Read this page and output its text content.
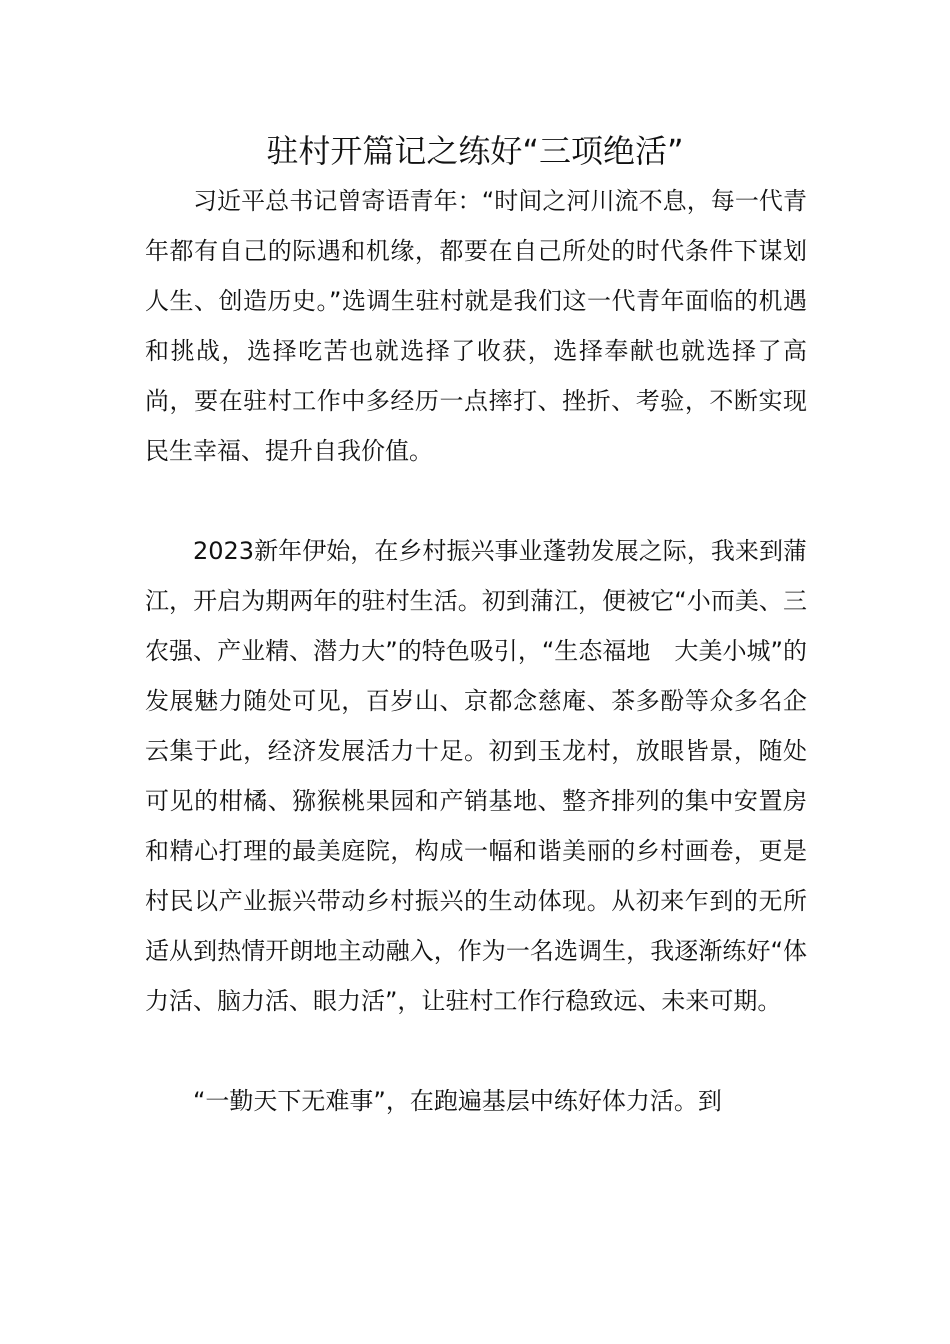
驻村开篇记之练好“三项绝活”

习近平总书记曾寄语青年：“时间之河川流不息，每一代青年都有自己的际遇和机缘，都要在自己所处的时代条件下谋划人生、创造历史。”选调生驻村就是我们这一代青年面临的机遇和挑战，选择吃苦也就选择了收获，选择奉献也就选择了高尚，要在驻村工作中多经历一点摔打、挫折、考验，不断实现民生幸福、提升自我价值。

2023新年伊始，在乡村振兴事业蓬勃发展之际，我来到蒲江，开启为期两年的驻村生活。初到蒲江，便被它“小而美、三农强、产业精、潜力大”的特色吸引，“生态福地　大美小城”的发展魅力随处可见，百岁山、京都念慈庵、茶多酚等众多名企云集于此，经济发展活力十足。初到玉龙村，放眼皆景，随处可见的柑橘、猕猴桃果园和产销基地、整齐排列的集中安置房和精心打理的最美庭院，构成一幅和谐美丽的乡村画卷，更是村民以产业振兴带动乡村振兴的生动体现。从初来乍到的无所适从到热情开朗地主动融入，作为一名选调生，我逐渐练好“体力活、脑力活、眼力活”，让驻村工作行稳致远、未来可期。

“一勤天下无难事”，在跑遍基层中练好体力活。到
